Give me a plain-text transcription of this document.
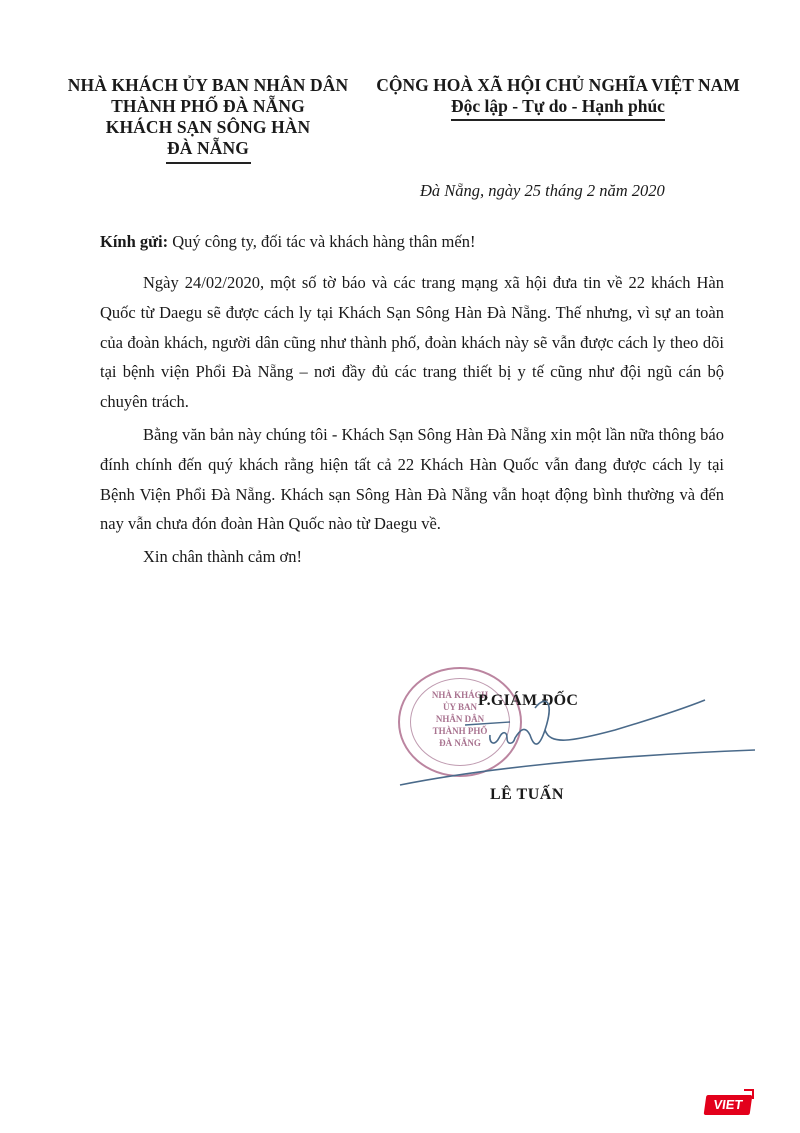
NHÀ KHÁCH ỦY BAN NHÂN DÂN
THÀNH PHỐ ĐÀ NẴNG
KHÁCH SẠN SÔNG HÀN
ĐÀ NẴNG
CỘNG HOÀ XÃ HỘI CHỦ NGHĨA VIỆT NAM
Độc lập - Tự do - Hạnh phúc
Đà Nẵng, ngày 25 tháng 2 năm 2020
Kính gửi: Quý công ty, đối tác và khách hàng thân mến!

Ngày 24/02/2020, một số tờ báo và các trang mạng xã hội đưa tin về 22 khách Hàn Quốc từ Daegu sẽ được cách ly tại Khách Sạn Sông Hàn Đà Nẵng. Thế nhưng, vì sự an toàn của đoàn khách, người dân cũng như thành phố, đoàn khách này sẽ vẫn được cách ly theo dõi tại bệnh viện Phổi Đà Nẵng – nơi đầy đủ các trang thiết bị y tế cũng như đội ngũ cán bộ chuyên trách.

Bằng văn bản này chúng tôi - Khách Sạn Sông Hàn Đà Nẵng xin một lần nữa thông báo đính chính đến quý khách rằng hiện tất cả 22 Khách Hàn Quốc vẫn đang được cách ly tại Bệnh Viện Phổi Đà Nẵng. Khách sạn Sông Hàn Đà Nẵng vẫn hoạt động bình thường và đến nay vẫn chưa đón đoàn Hàn Quốc nào từ Daegu về.

Xin chân thành cảm ơn!

NHÀ KHÁCH
ỦY BAN
NHÂN DÂN
THÀNH PHỐ
ĐÀ NẴNG
P.GIÁM ĐỐC
LÊ TUẤN
VIET
